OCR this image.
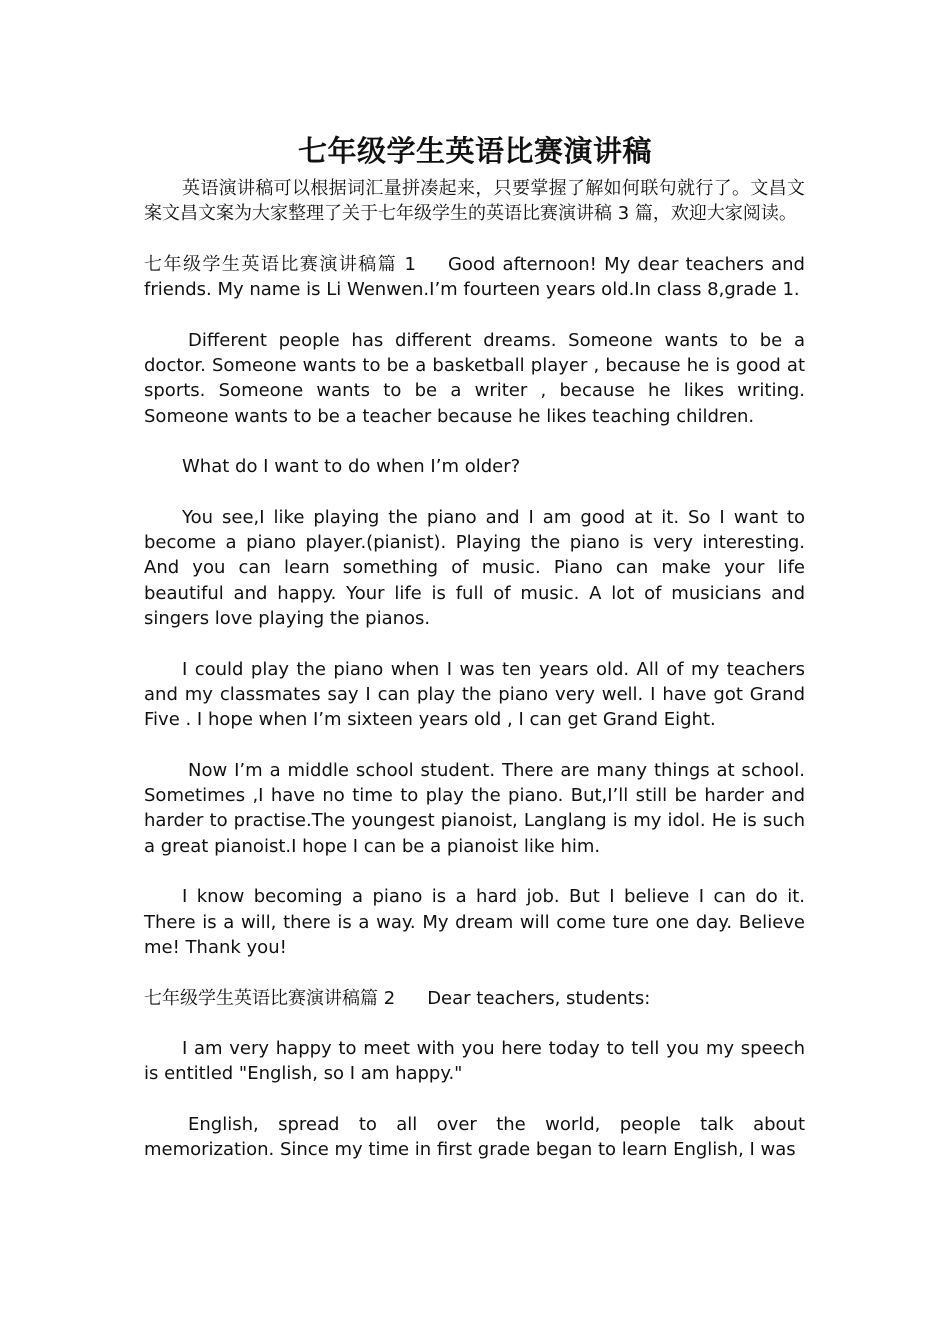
七年级学生英语比赛演讲稿

英语演讲稿可以根据词汇量拼凑起来，只要掌握了解如何联句就行了。文昌文案文昌文案为大家整理了关于七年级学生的英语比赛演讲稿 3 篇，欢迎大家阅读。

七年级学生英语比赛演讲稿篇 1 Good afternoon! My dear teachers and friends. My name is Li Wenwen.I’m fourteen years old.In class 8,grade 1.

Different people has different dreams. Someone wants to be a doctor. Someone wants to be a basketball player , because he is good at sports. Someone wants to be a writer , because he likes writing. Someone wants to be a teacher because he likes teaching children.

What do I want to do when I’m older?

You see,I like playing the piano and I am good at it. So I want to become a piano player.(pianist). Playing the piano is very interesting. And you can learn something of music. Piano can make your life beautiful and happy. Your life is full of music. A lot of musicians and singers love playing the pianos.

I could play the piano when I was ten years old. All of my teachers and my classmates say I can play the piano very well. I have got Grand Five . I hope when I’m sixteen years old , I can get Grand Eight.

Now I’m a middle school student. There are many things at school. Sometimes ,I have no time to play the piano. But,I’ll still be harder and harder to practise.The youngest pianoist, Langlang is my idol. He is such a great pianoist.I hope I can be a pianoist like him.

I know becoming a piano is a hard job. But I believe I can do it. There is a will, there is a way. My dream will come ture one day. Believe me! Thank you!

七年级学生英语比赛演讲稿篇 2 Dear teachers, students:

I am very happy to meet with you here today to tell you my speech is entitled "English, so I am happy."

English, spread to all over the world, people talk about memorization. Since my time in first grade began to learn English, I was
